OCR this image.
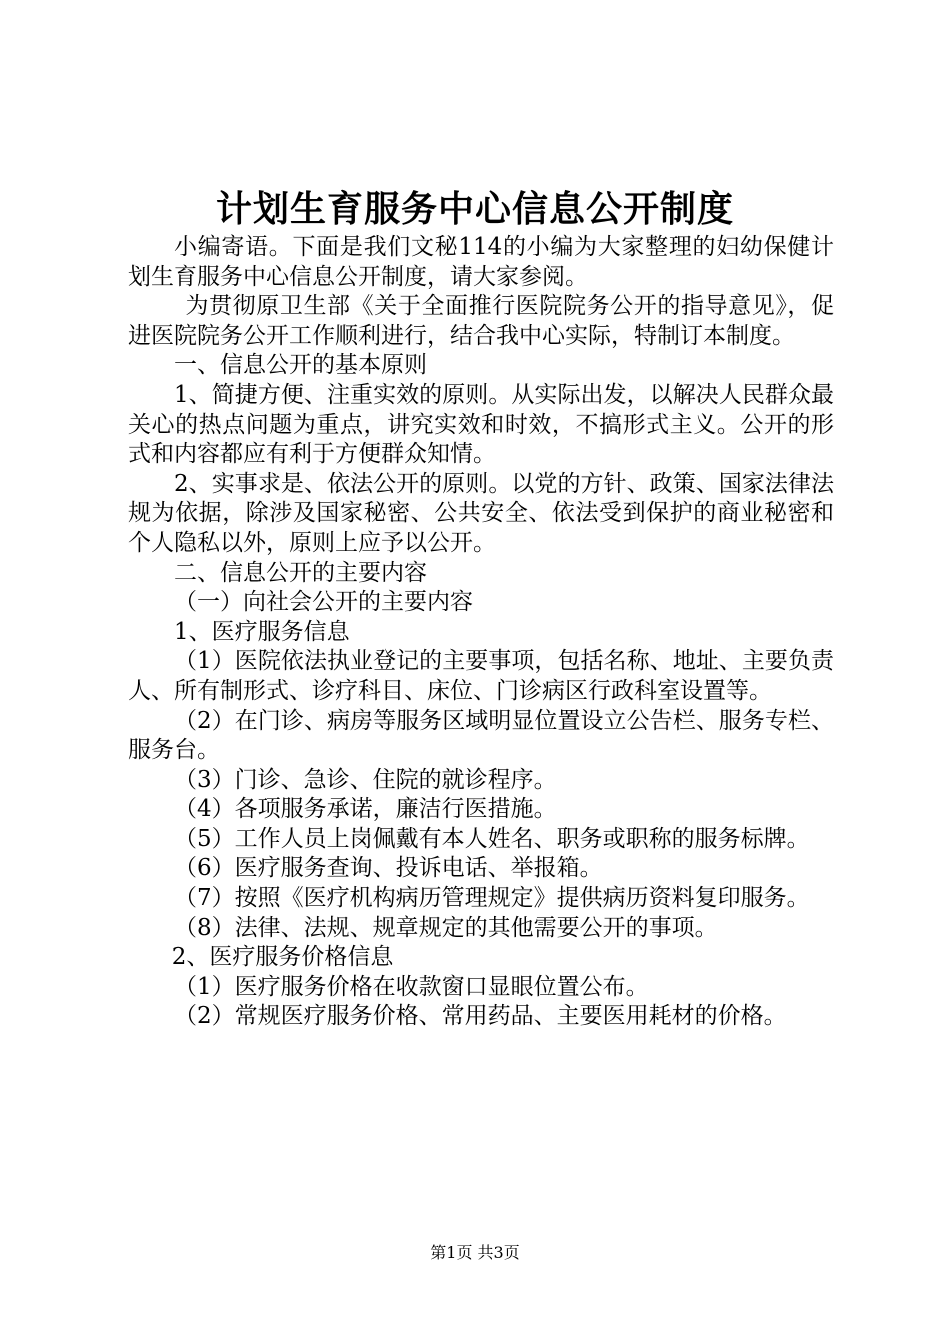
计划生育服务中心信息公开制度

小编寄语。下面是我们文秘114的小编为大家整理的妇幼保健计划生育服务中心信息公开制度，请大家参阅。

为贯彻原卫生部《关于全面推行医院院务公开的指导意见》，促进医院院务公开工作顺利进行，结合我中心实际，特制订本制度。

一、信息公开的基本原则

1、简捷方便、注重实效的原则。从实际出发，以解决人民群众最关心的热点问题为重点，讲究实效和时效，不搞形式主义。公开的形式和内容都应有利于方便群众知情。

2、实事求是、依法公开的原则。以党的方针、政策、国家法律法规为依据，除涉及国家秘密、公共安全、依法受到保护的商业秘密和个人隐私以外，原则上应予以公开。

二、信息公开的主要内容

（一）向社会公开的主要内容

1、医疗服务信息

（1）医院依法执业登记的主要事项，包括名称、地址、主要负责人、所有制形式、诊疗科目、床位、门诊病区行政科室设置等。

（2）在门诊、病房等服务区域明显位置设立公告栏、服务专栏、服务台。

（3）门诊、急诊、住院的就诊程序。

（4）各项服务承诺，廉洁行医措施。

（5）工作人员上岗佩戴有本人姓名、职务或职称的服务标牌。

（6）医疗服务查询、投诉电话、举报箱。

（7）按照《医疗机构病历管理规定》提供病历资料复印服务。

（8）法律、法规、规章规定的其他需要公开的事项。

2、医疗服务价格信息

（1）医疗服务价格在收款窗口显眼位置公布。

（2）常规医疗服务价格、常用药品、主要医用耗材的价格。

第1页 共3页
